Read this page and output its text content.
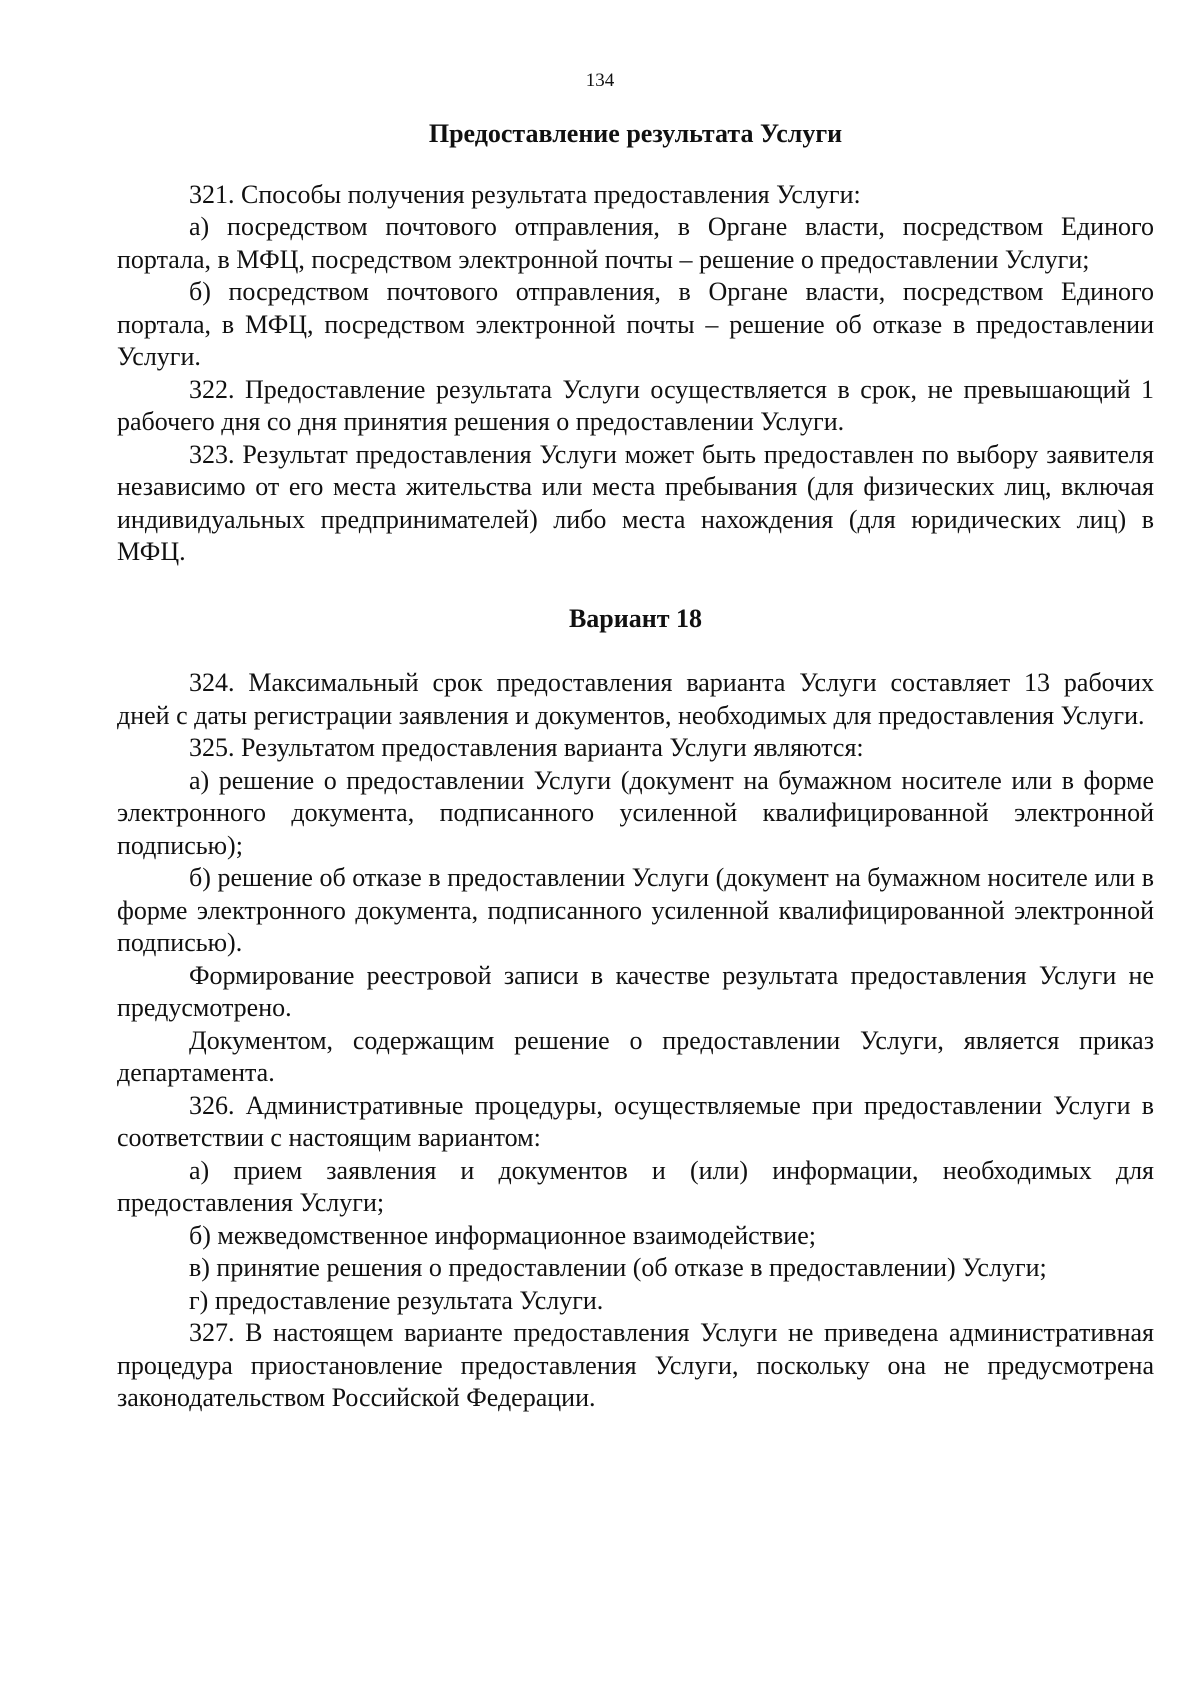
134
Предоставление результата Услуги

321. Способы получения результата предоставления Услуги:

а) посредством почтового отправления, в Органе власти, посредством Единого портала, в МФЦ, посредством электронной почты – решение о предоставлении Услуги;

б) посредством почтового отправления, в Органе власти, посредством Единого портала, в МФЦ, посредством электронной почты – решение об отказе в предоставлении Услуги.

322. Предоставление результата Услуги осуществляется в срок, не превышающий 1 рабочего дня со дня принятия решения о предоставлении Услуги.

323. Результат предоставления Услуги может быть предоставлен по выбору заявителя независимо от его места жительства или места пребывания (для физических лиц, включая индивидуальных предпринимателей) либо места нахождения (для юридических лиц) в МФЦ.

Вариант 18

324. Максимальный срок предоставления варианта Услуги составляет 13 рабочих дней с даты регистрации заявления и документов, необходимых для предоставления Услуги.

325. Результатом предоставления варианта Услуги являются:

а) решение о предоставлении Услуги (документ на бумажном носителе или в форме электронного документа, подписанного усиленной квалифицированной электронной подписью);

б) решение об отказе в предоставлении Услуги (документ на бумажном носителе или в форме электронного документа, подписанного усиленной квалифицированной электронной подписью).

Формирование реестровой записи в качестве результата предоставления Услуги не предусмотрено.

Документом, содержащим решение о предоставлении Услуги, является приказ департамента.

326. Административные процедуры, осуществляемые при предоставлении Услуги в соответствии с настоящим вариантом:

а) прием заявления и документов и (или) информации, необходимых для предоставления Услуги;

б) межведомственное информационное взаимодействие;

в) принятие решения о предоставлении (об отказе в предоставлении) Услуги;

г) предоставление результата Услуги.

327. В настоящем варианте предоставления Услуги не приведена административная процедура приостановление предоставления Услуги, поскольку она не предусмотрена законодательством Российской Федерации.
